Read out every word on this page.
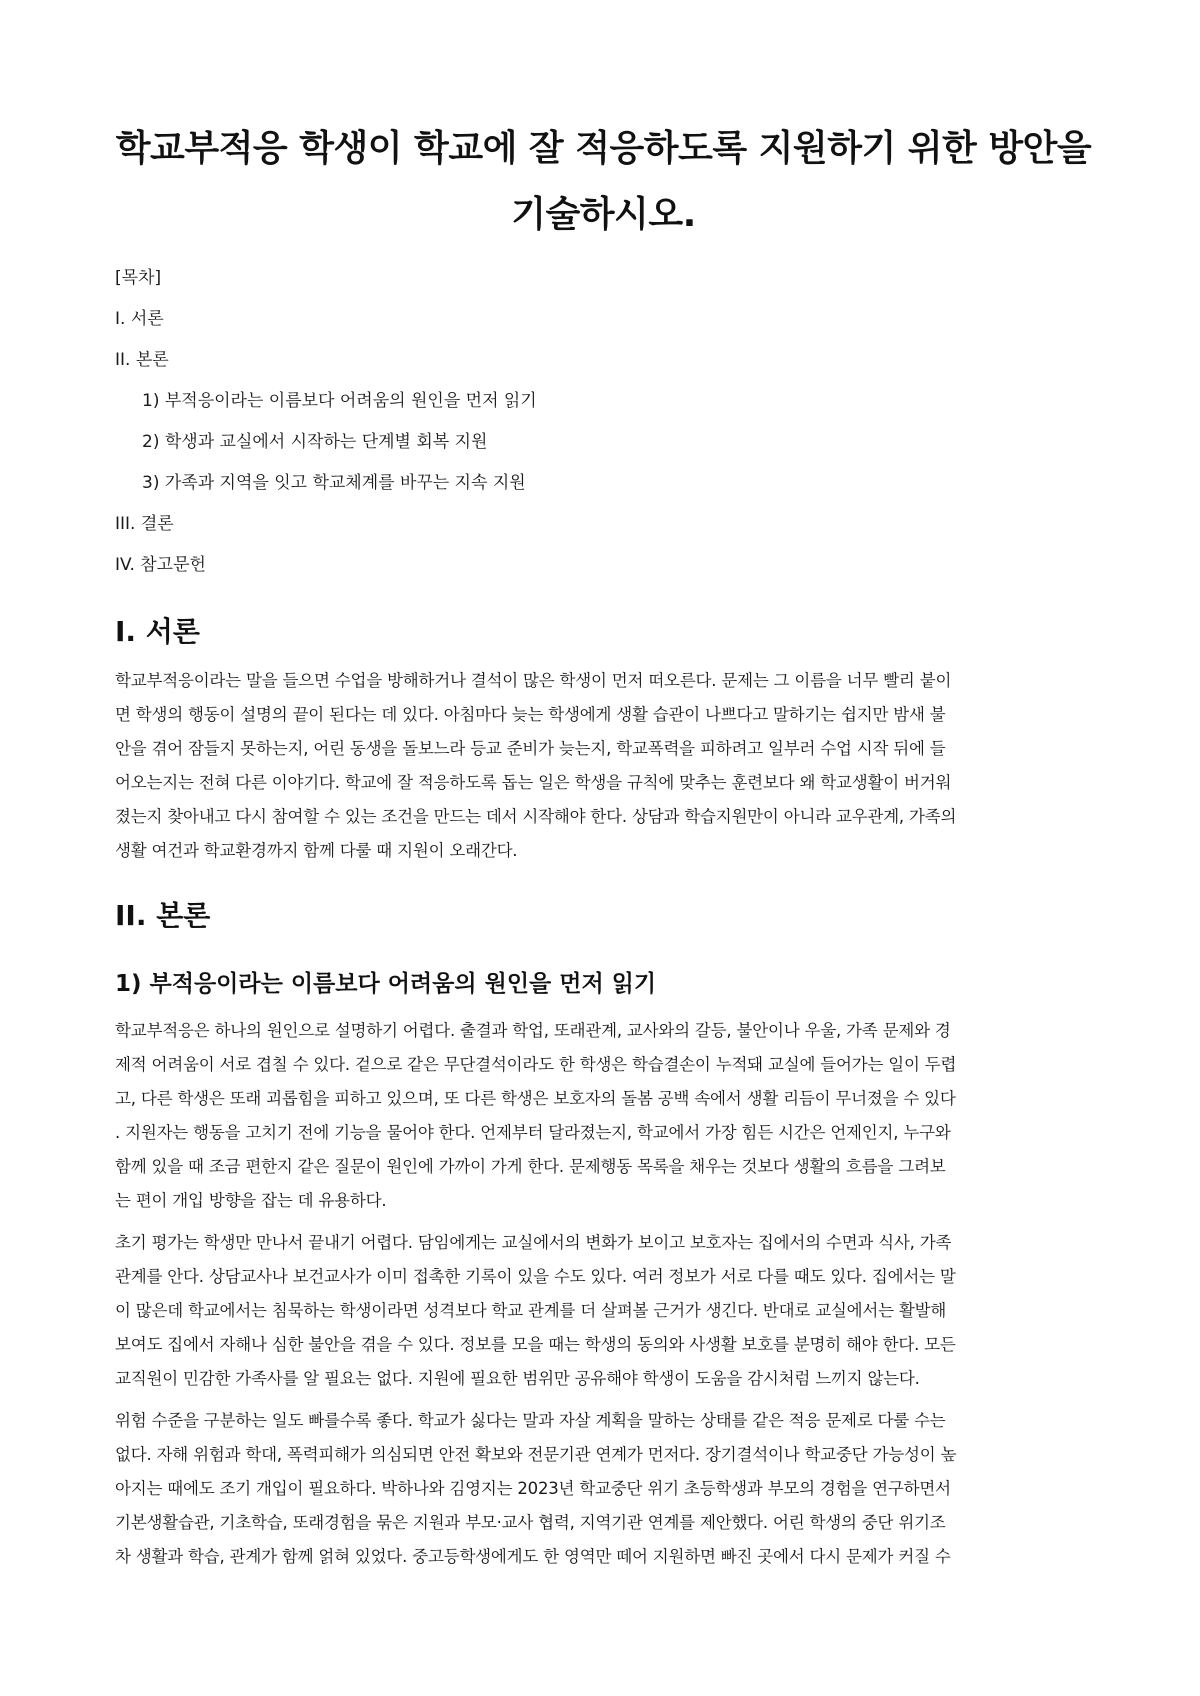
학교부적응 학생이 학교에 잘 적응하도록 지원하기 위한 방안을
기술하시오.
[목차]
I. 서론
II. 본론
1) 부적응이라는 이름보다 어려움의 원인을 먼저 읽기
2) 학생과 교실에서 시작하는 단계별 회복 지원
3) 가족과 지역을 잇고 학교체계를 바꾸는 지속 지원
III. 결론
IV. 참고문헌
I. 서론
학교부적응이라는 말을 들으면 수업을 방해하거나 결석이 많은 학생이 먼저 떠오른다. 문제는 그 이름을 너무 빨리 붙이
면 학생의 행동이 설명의 끝이 된다는 데 있다. 아침마다 늦는 학생에게 생활 습관이 나쁘다고 말하기는 쉽지만 밤새 불
안을 겪어 잠들지 못하는지, 어린 동생을 돌보느라 등교 준비가 늦는지, 학교폭력을 피하려고 일부러 수업 시작 뒤에 들
어오는지는 전혀 다른 이야기다. 학교에 잘 적응하도록 돕는 일은 학생을 규칙에 맞추는 훈련보다 왜 학교생활이 버거워
졌는지 찾아내고 다시 참여할 수 있는 조건을 만드는 데서 시작해야 한다. 상담과 학습지원만이 아니라 교우관계, 가족의
생활 여건과 학교환경까지 함께 다룰 때 지원이 오래간다.
II. 본론
1) 부적응이라는 이름보다 어려움의 원인을 먼저 읽기
학교부적응은 하나의 원인으로 설명하기 어렵다. 출결과 학업, 또래관계, 교사와의 갈등, 불안이나 우울, 가족 문제와 경
제적 어려움이 서로 겹칠 수 있다. 겉으로 같은 무단결석이라도 한 학생은 학습결손이 누적돼 교실에 들어가는 일이 두렵
고, 다른 학생은 또래 괴롭힘을 피하고 있으며, 또 다른 학생은 보호자의 돌봄 공백 속에서 생활 리듬이 무너졌을 수 있다
. 지원자는 행동을 고치기 전에 기능을 물어야 한다. 언제부터 달라졌는지, 학교에서 가장 힘든 시간은 언제인지, 누구와
함께 있을 때 조금 편한지 같은 질문이 원인에 가까이 가게 한다. 문제행동 목록을 채우는 것보다 생활의 흐름을 그려보
는 편이 개입 방향을 잡는 데 유용하다.
초기 평가는 학생만 만나서 끝내기 어렵다. 담임에게는 교실에서의 변화가 보이고 보호자는 집에서의 수면과 식사, 가족
관계를 안다. 상담교사나 보건교사가 이미 접촉한 기록이 있을 수도 있다. 여러 정보가 서로 다를 때도 있다. 집에서는 말
이 많은데 학교에서는 침묵하는 학생이라면 성격보다 학교 관계를 더 살펴볼 근거가 생긴다. 반대로 교실에서는 활발해
보여도 집에서 자해나 심한 불안을 겪을 수 있다. 정보를 모을 때는 학생의 동의와 사생활 보호를 분명히 해야 한다. 모든
교직원이 민감한 가족사를 알 필요는 없다. 지원에 필요한 범위만 공유해야 학생이 도움을 감시처럼 느끼지 않는다.
위험 수준을 구분하는 일도 빠를수록 좋다. 학교가 싫다는 말과 자살 계획을 말하는 상태를 같은 적응 문제로 다룰 수는
없다. 자해 위험과 학대, 폭력피해가 의심되면 안전 확보와 전문기관 연계가 먼저다. 장기결석이나 학교중단 가능성이 높
아지는 때에도 조기 개입이 필요하다. 박하나와 김영지는 2023년 학교중단 위기 초등학생과 부모의 경험을 연구하면서
기본생활습관, 기초학습, 또래경험을 묶은 지원과 부모·교사 협력, 지역기관 연계를 제안했다. 어린 학생의 중단 위기조
차 생활과 학습, 관계가 함께 얽혀 있었다. 중고등학생에게도 한 영역만 떼어 지원하면 빠진 곳에서 다시 문제가 커질 수
